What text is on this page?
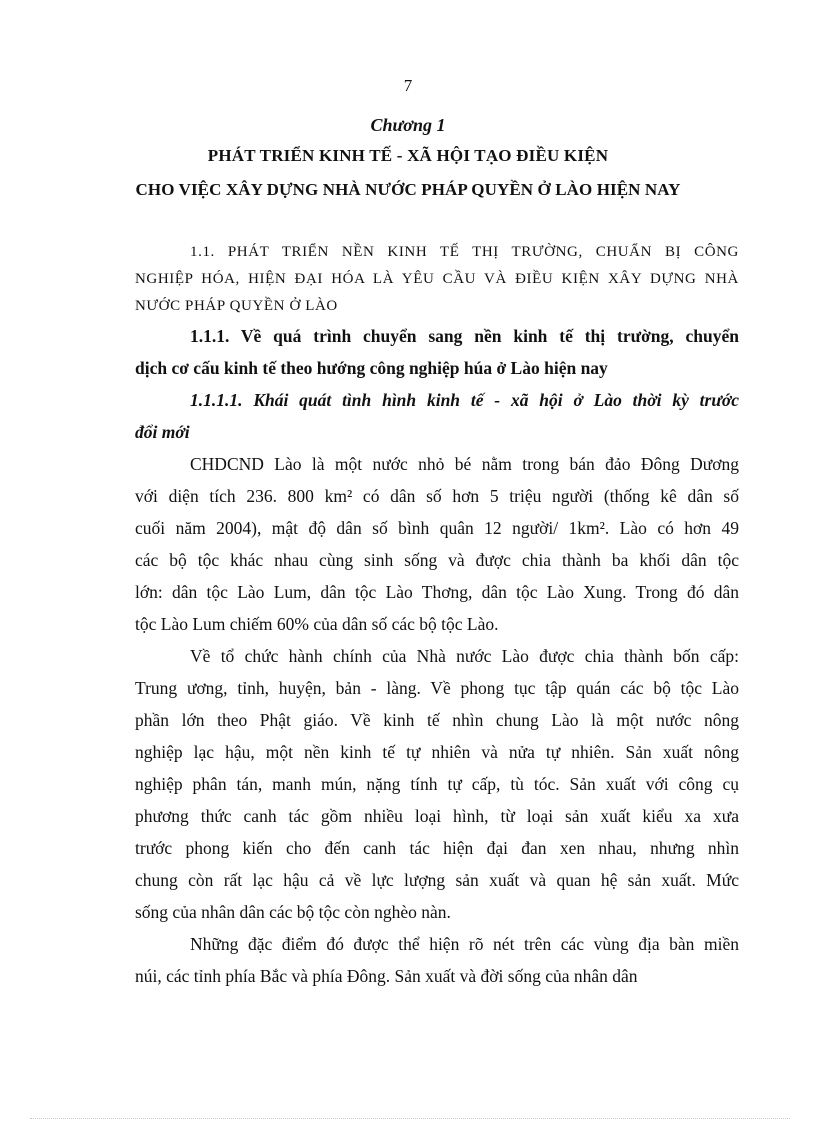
7
Chương 1
PHÁT TRIỂN KINH TẾ - XÃ HỘI TẠO ĐIỀU KIỆN
CHO VIỆC XÂY DỰNG NHÀ NƯỚC PHÁP QUYỀN Ở LÀO HIỆN NAY
1.1. PHÁT TRIỂN NỀN KINH TẾ THỊ TRƯỜNG, CHUẨN BỊ CÔNG
NGHIỆP HÓA, HIỆN ĐẠI HÓA LÀ YÊU CẦU VÀ ĐIỀU KIỆN XÂY DỰNG NHÀ
NƯỚC PHÁP QUYỀN Ở LÀO
1.1.1. Về quá trình chuyển sang nền kinh tế thị trường, chuyển
dịch cơ cấu kinh tế theo hướng công nghiệp húa ở Lào hiện nay
1.1.1.1. Khái quát tình hình kinh tế - xã hội ở Lào thời kỳ trước
đổi mới
CHDCND Lào là một nước nhỏ bé nằm trong bán đảo Đông Dương
với diện tích 236. 800 km² có dân số hơn 5 triệu người (thống kê dân số
cuối năm 2004), mật độ dân số bình quân 12 người/ 1km². Lào có hơn 49
các bộ tộc khác nhau cùng sinh sống và được chia thành ba khối dân tộc
lớn: dân tộc Lào Lum, dân tộc Lào Thơng, dân tộc Lào Xung. Trong đó dân
tộc Lào Lum chiếm 60% của dân số các bộ tộc Lào.
Về tổ chức hành chính của Nhà nước Lào được chia thành bốn cấp:
Trung ương, tỉnh, huyện, bản - làng. Về phong tục tập quán các bộ tộc Lào
phần lớn theo Phật giáo. Về kinh tế nhìn chung Lào là một nước nông
nghiệp lạc hậu, một nền kinh tế tự nhiên và nửa tự nhiên. Sản xuất nông
nghiệp phân tán, manh mún, nặng tính tự cấp, tù tóc. Sản xuất với công cụ
phương thức canh tác gồm nhiều loại hình, từ loại sản xuất kiểu xa xưa
trước phong kiến cho đến canh tác hiện đại đan xen nhau, nhưng nhìn
chung còn rất lạc hậu cả về lực lượng sản xuất và quan hệ sản xuất. Mức
sống của nhân dân các bộ tộc còn nghèo nàn.
Những đặc điểm đó được thể hiện rõ nét trên các vùng địa bàn miền
núi, các tỉnh phía Bắc và phía Đông. Sản xuất và đời sống của nhân dân
